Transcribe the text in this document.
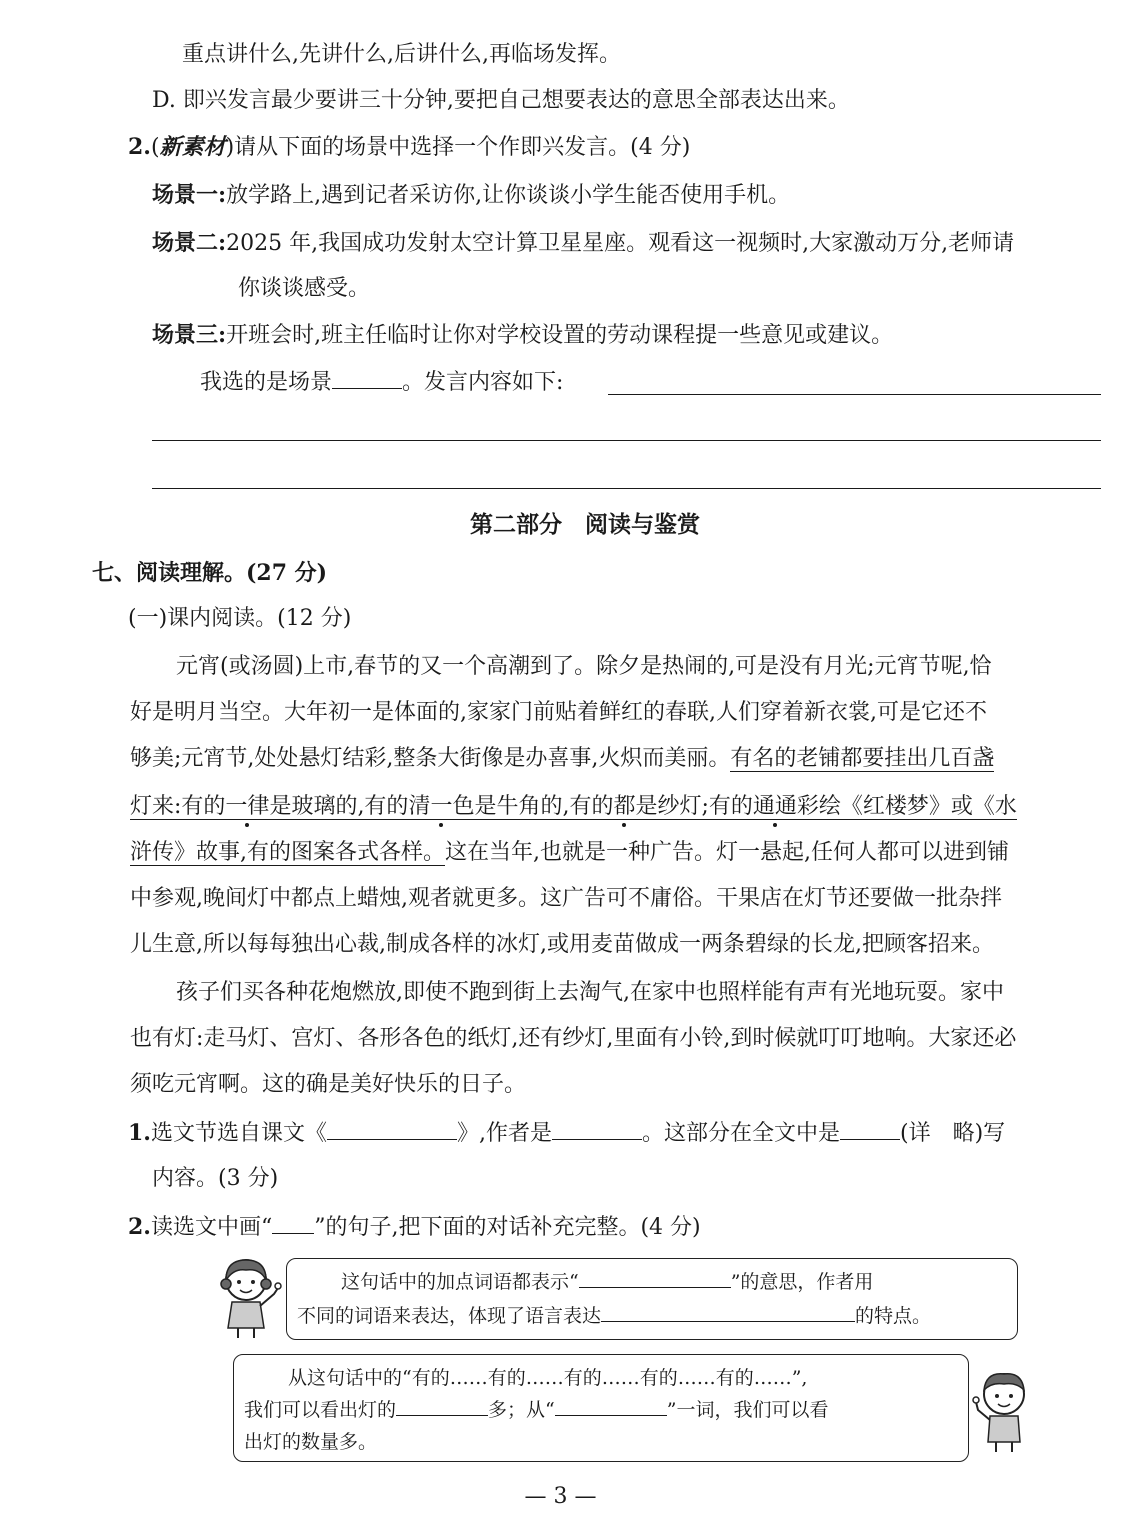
重点讲什么,先讲什么,后讲什么,再临场发挥。
D. 即兴发言最少要讲三十分钟,要把自己想要表达的意思全部表达出来。
2.(新素材)请从下面的场景中选择一个作即兴发言。(4 分)
场景一:放学路上,遇到记者采访你,让你谈谈小学生能否使用手机。
场景二:2025 年,我国成功发射太空计算卫星星座。观看这一视频时,大家激动万分,老师请
你谈谈感受。
场景三:开班会时,班主任临时让你对学校设置的劳动课程提一些意见或建议。
我选的是场景	。发言内容如下:
第二部分　阅读与鉴赏
七、阅读理解。(27 分)
(一)课内阅读。(12 分)
元宵(或汤圆)上市,春节的又一个高潮到了。除夕是热闹的,可是没有月光;元宵节呢,恰
好是明月当空。大年初一是体面的,家家门前贴着鲜红的春联,人们穿着新衣裳,可是它还不
够美;元宵节,处处悬灯结彩,整条大街像是办喜事,火炽而美丽。有名的老铺都要挂出几百盏
灯来:有的一律是玻璃的,有的清一色是牛角的,有的都是纱灯;有的通通彩绘《红楼梦》或《水
浒传》故事,有的图案各式各样。这在当年,也就是一种广告。灯一悬起,任何人都可以进到铺
中参观,晚间灯中都点上蜡烛,观者就更多。这广告可不庸俗。干果店在灯节还要做一批杂拌
儿生意,所以每每独出心裁,制成各样的冰灯,或用麦苗做成一两条碧绿的长龙,把顾客招来。
孩子们买各种花炮燃放,即使不跑到街上去淘气,在家中也照样能有声有光地玩耍。家中
也有灯:走马灯、宫灯、各形各色的纸灯,还有纱灯,里面有小铃,到时候就叮叮地响。大家还必
须吃元宵啊。这的确是美好快乐的日子。
1.选文节选自课文《	》,作者是	。这部分在全文中是	(详　略)写
内容。(3 分)
2.读选文中画“ ”的句子,把下面的对话补充完整。(4 分)
这句话中的加点词语都表示“	”的意思，作者用
不同的词语来表达，体现了语言表达	的特点。
从这句话中的“有的……有的……有的……有的……有的……”,
我们可以看出灯的	多；从“	”一词，我们可以看
出灯的数量多。
— 3 —
